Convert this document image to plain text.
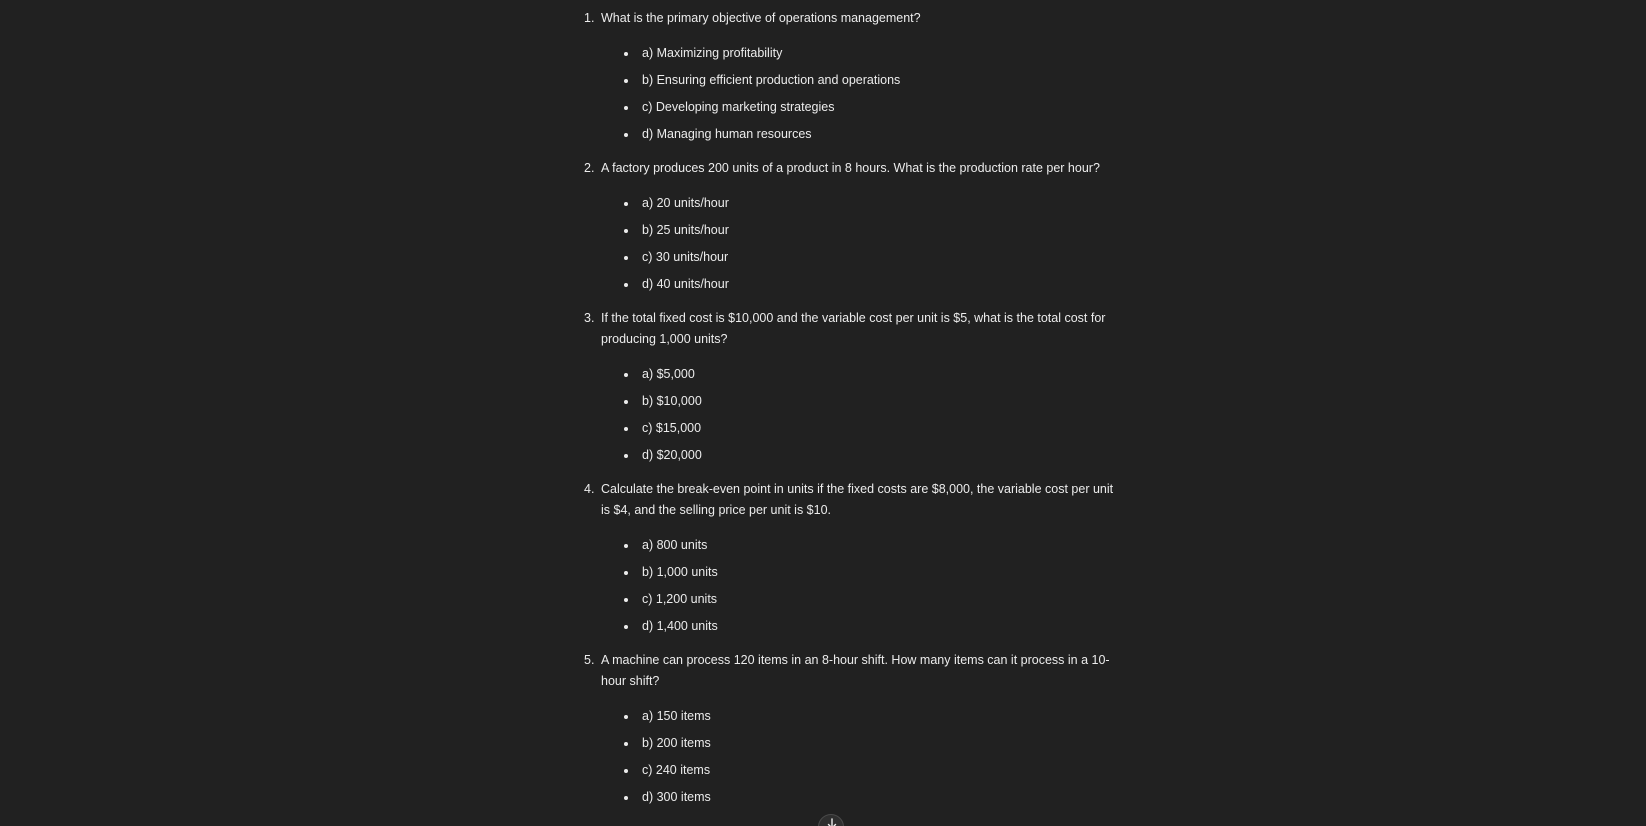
1. What is the primary objective of operations management?
a) Maximizing profitability
b) Ensuring efficient production and operations
c) Developing marketing strategies
d) Managing human resources
2. A factory produces 200 units of a product in 8 hours. What is the production rate per hour?
a) 20 units/hour
b) 25 units/hour
c) 30 units/hour
d) 40 units/hour
3. If the total fixed cost is $10,000 and the variable cost per unit is $5, what is the total cost for producing 1,000 units?
a) $5,000
b) $10,000
c) $15,000
d) $20,000
4. Calculate the break-even point in units if the fixed costs are $8,000, the variable cost per unit is $4, and the selling price per unit is $10.
a) 800 units
b) 1,000 units
c) 1,200 units
d) 1,400 units
5. A machine can process 120 items in an 8-hour shift. How many items can it process in a 10-hour shift?
a) 150 items
b) 200 items
c) 240 items
d) 300 items
